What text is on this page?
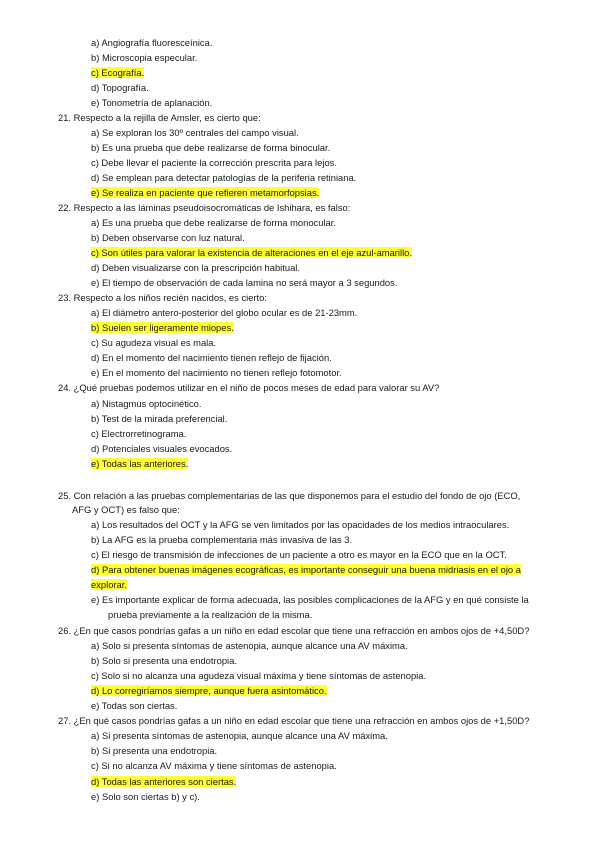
a) Angiografía fluoresceínica.
b) Microscopia especular.
c) Ecografía.
d) Topografía.
e) Tonometría de aplanación.
21. Respecto a la rejilla de Amsler, es cierto que:
a) Se exploran los 30º centrales del campo visual.
b) Es una prueba que debe realizarse de forma binocular.
c) Debe llevar el paciente la corrección prescrita para lejos.
d) Se emplean para detectar patologías de la periferia retiniana.
e) Se realiza en paciente que refieren metamorfopsias.
22. Respecto a las láminas pseudoisocromáticas de Ishihara, es falso:
a) Es una prueba que debe realizarse de forma monocular.
b) Deben observarse con luz natural.
c) Son útiles para valorar la existencia de alteraciones en el eje azul-amarillo.
d) Deben visualizarse con la prescripción habitual.
e) El tiempo de observación de cada lamina no será mayor a 3 segundos.
23. Respecto a los niños recién nacidos, es cierto:
a) El diámetro antero-posterior del globo ocular es de 21-23mm.
b) Suelen ser ligeramente miopes.
c) Su agudeza visual es mala.
d) En el momento del nacimiento tienen reflejo de fijación.
e) En el momento del nacimiento no tienen reflejo fotomotor.
24. ¿Qué pruebas podemos utilizar en el niño de pocos meses de edad para valorar su AV?
a) Nistagmus optocinético.
b) Test de la mirada preferencial.
c) Electrorretinograma.
d) Potenciales visuales evocados.
e) Todas las anteriores.
25. Con relación a las pruebas complementarias de las que disponemos para el estudio del fondo de ojo (ECO,
AFG y OCT) es falso que:
a) Los resultados del OCT y la AFG se ven limitados por las opacidades de los medios intraoculares.
b) La AFG es la prueba complementaria más invasiva de las 3.
c) El riesgo de transmisión de infecciones de un paciente a otro es mayor en la ECO que en la OCT.
d) Para obtener buenas imágenes ecográficas, es importante conseguir una buena midriasis en el ojo a
explorar.
e) Es importante explicar de forma adecuada, las posibles complicaciones de la AFG y en qué consiste la
prueba previamente a la realización de la misma.
26. ¿En qué casos pondrías gafas a un niño en edad escolar que tiene una refracción en ambos ojos de +4,50D?
a) Solo si presenta síntomas de astenopia, aunque alcance una AV máxima.
b) Solo si presenta una endotropia.
c) Solo si no alcanza una agudeza visual máxima y tiene síntomas de astenopia.
d) Lo corregiríamos siempre, aunque fuera asintomático.
e) Todas son ciertas.
27. ¿En qué casos pondrías gafas a un niño en edad escolar que tiene una refracción en ambos ojos de +1,50D?
a) Si presenta síntomas de astenopia, aunque alcance una AV máxima.
b) Si presenta una endotropia.
c) Si no alcanza AV máxima y tiene síntomas de astenopia.
d) Todas las anteriores son ciertas.
e) Solo son ciertas b) y c).
